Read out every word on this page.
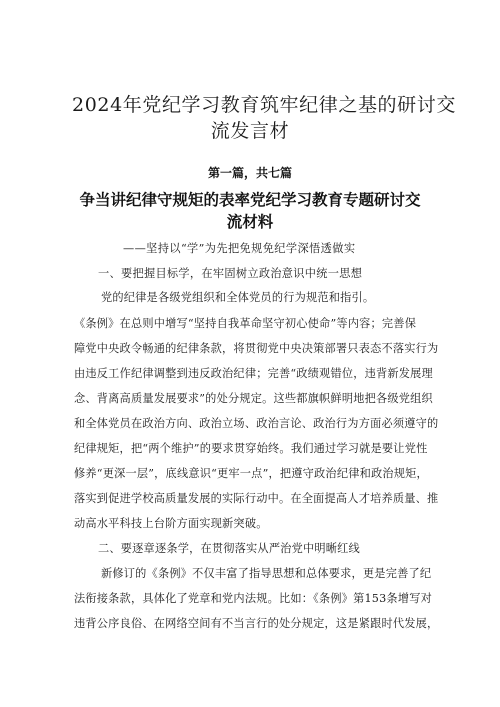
2024年党纪学习教育筑牢纪律之基的研讨交
流发言材
第一篇，共七篇
争当讲纪律守规矩的表率党纪学习教育专题研讨交
流材料
——坚持以“学”为先把免规免纪学深悟透做实
一、要把握目标学，在牢固树立政治意识中统一思想
党的纪律是各级党组织和全体党员的行为规范和指引。
《条例》在总则中增写“坚持自我革命坚守初心使命”等内容；完善保
障党中央政令畅通的纪律条款，将贯彻党中央决策部署只表态不落实行为
由违反工作纪律调整到违反政治纪律；完善“政绩观错位，违背新发展理
念、背离高质量发展要求”的处分规定。这些都旗帜鲜明地把各级党组织
和全体党员在政治方向、政治立场、政治言论、政治行为方面必须遵守的
纪律规矩，把“两个维护”的要求贯穿始终。我们通过学习就是要让党性
修养“更深一层”，底线意识“更牢一点”，把遵守政治纪律和政治规矩，
落实到促进学校高质量发展的实际行动中。在全面提高人才培养质量、推
动高水平科技上台阶方面实现新突破。
二、要逐章逐条学，在贯彻落实从严治党中明晰红线
新修订的《条例》不仅丰富了指导思想和总体要求，更是完善了纪
法衔接条款，具体化了党章和党内法规。比如：《条例》第153条增写对
违背公序良俗、在网络空间有不当言行的处分规定，这是紧跟时代发展，
